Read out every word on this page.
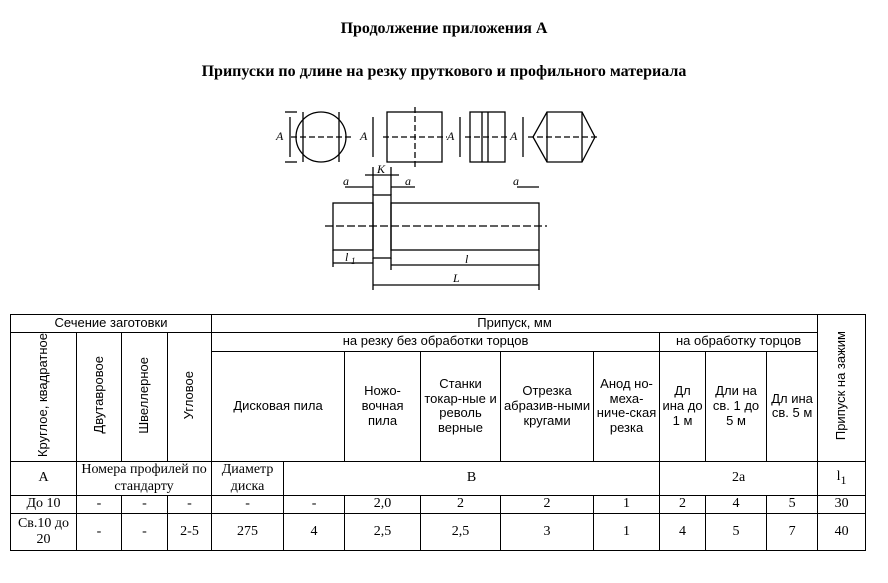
Продолжение приложения А
Припуски по длине на резку пруткового и профильного материала
A	A	A	A
a
K
a	a
l 1	l
L
Сечение заготовки				Припуск, мм									Припуск на зажим
Круглое, квадратное	Двутавровое	Швеллерное	Угловое	на резку без обработки торцов						на обработку торцов			
				Дисковая пила		Ножо-вочная пила	Станки токар-ные и револь верные	Отрезка абразив-ными кругами	Анод но-меха-ниче-ская резка	Дл ина до 1 м	Дли на св. 1 до 5 м	Дл ина св. 5 м	
А	Номера профилей по стандарту			Диаметр диска	В					2а			$l_1$
До 10	-	-	-	-	-	2,0	2	2	1	2	4	5	30
Св.10 до 20	-	-	2-5	275	4	2,5	2,5	3	1	4	5	7	40
